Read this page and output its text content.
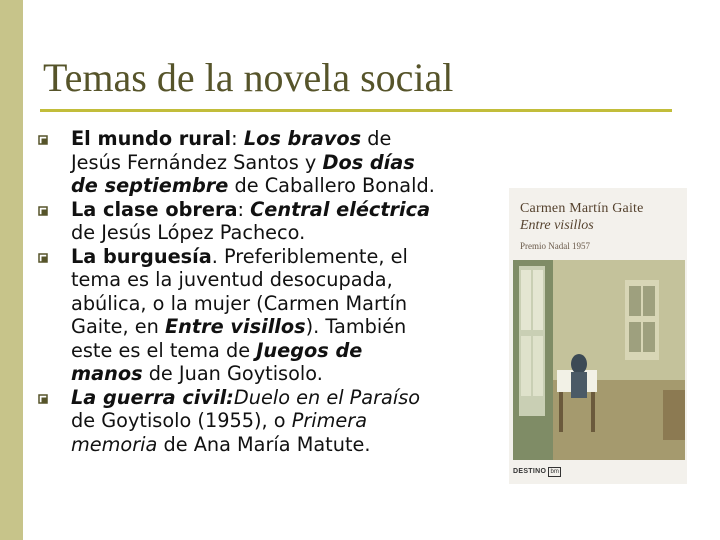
Temas de la novela social
Carmen Martín Gaite
Entre visillos
Premio Nadal 1957
DESTINO bm
El mundo rural: Los bravos de
Jesús Fernández Santos y Dos días
de septiembre de Caballero Bonald.
La clase obrera: Central eléctrica
de Jesús López Pacheco.
La burguesía. Preferiblemente, el
tema es la juventud desocupada,
abúlica, o la mujer (Carmen Martín
Gaite, en Entre visillos). También
este es el tema de Juegos de
manos de Juan Goytisolo.
La guerra civil:Duelo en el Paraíso
de Goytisolo (1955), o Primera
memoria de Ana María Matute.
